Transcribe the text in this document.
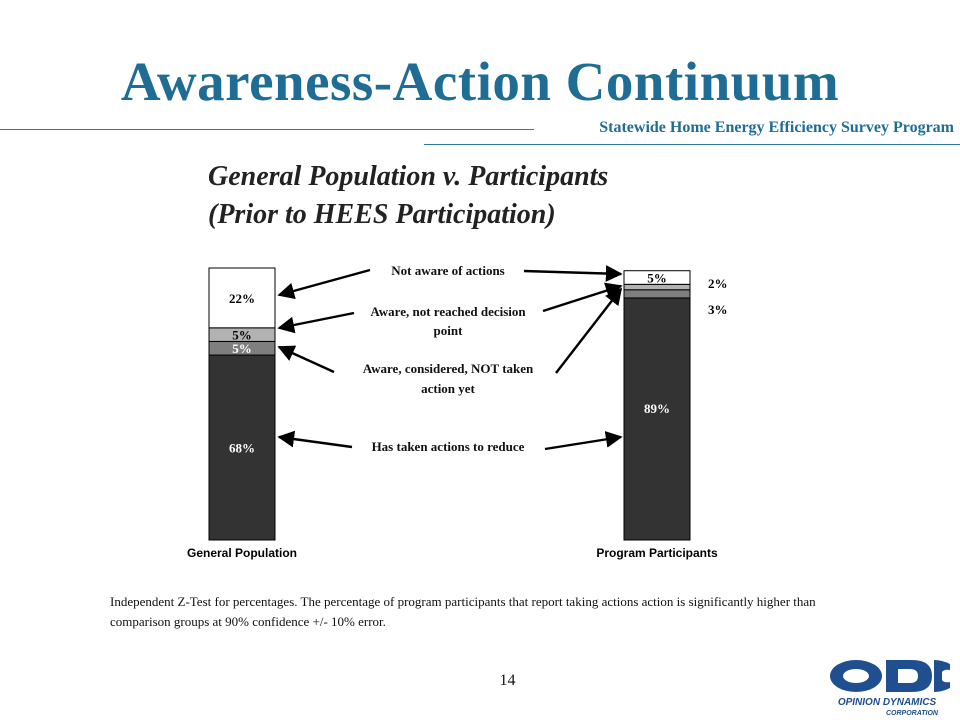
Awareness-Action Continuum
Statewide Home Energy Efficiency Survey Program
General Population v. Participants
(Prior to HEES Participation)
General Population	Program Participants
68%
5%
5%
22%
89%
5%	2%
3%
Not aware of actions
Aware, not reached decision
point
Aware, considered, NOT taken
action yet
Has taken actions to reduce
Independent Z-Test for percentages. The percentage of program participants that report taking actions action is significantly higher than comparison groups at 90% confidence +/- 10% error.
14
OPINION DYNAMICS
CORPORATION
